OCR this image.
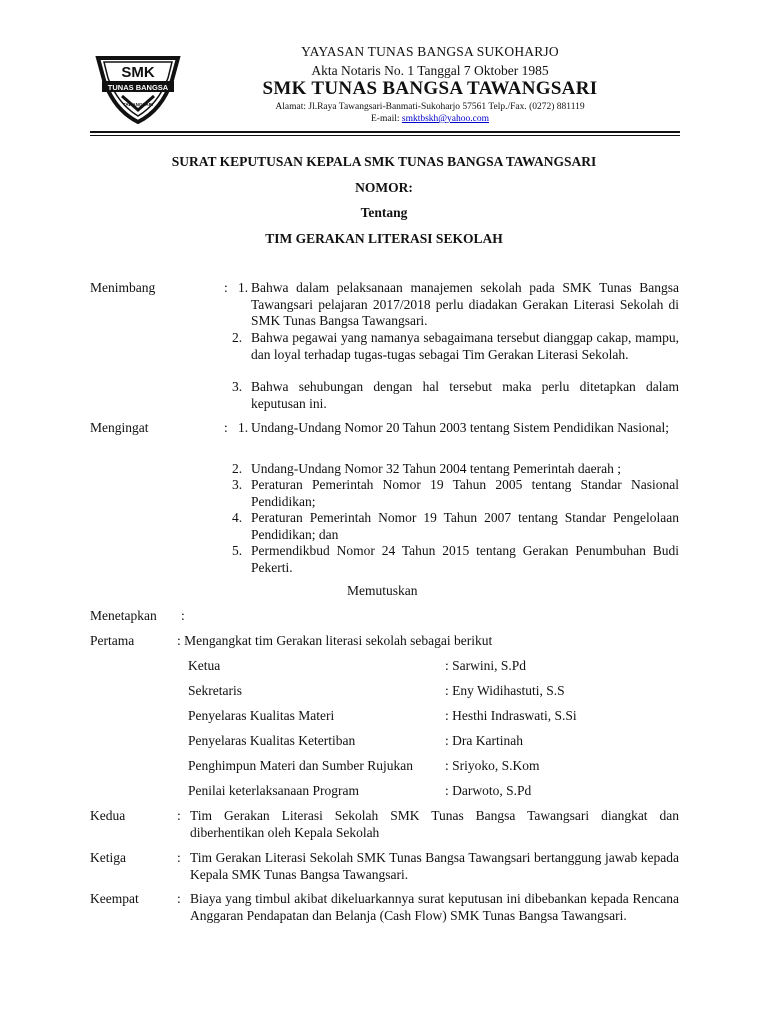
SMK
TUNAS BANGSA
TAWANGSARI
YAYASAN TUNAS BANGSA SUKOHARJO
Akta Notaris No. 1 Tanggal 7 Oktober 1985
SMK TUNAS BANGSA TAWANGSARI
Alamat: Jl.Raya Tawangsari-Banmati-Sukoharjo 57561 Telp./Fax. (0272) 881119
E-mail: smktbskh@yahoo.com
SURAT KEPUTUSAN KEPALA SMK TUNAS BANGSA TAWANGSARI
NOMOR:
Tentang
TIM GERAKAN LITERASI SEKOLAH
Menimbang	: 1. Bahwa dalam pelaksanaan manajemen sekolah pada SMK Tunas Bangsa Tawangsari pelajaran 2017/2018 perlu diadakan Gerakan Literasi Sekolah di SMK Tunas Bangsa Tawangsari.
2. Bahwa pegawai yang namanya sebagaimana tersebut dianggap cakap, mampu, dan loyal terhadap tugas-tugas sebagai Tim Gerakan Literasi Sekolah.
3. Bahwa sehubungan dengan hal tersebut maka perlu ditetapkan dalam keputusan ini.
Mengingat	: 1. Undang-Undang Nomor 20 Tahun 2003 tentang Sistem Pendidikan Nasional;
2. Undang-Undang Nomor 32 Tahun 2004 tentang Pemerintah daerah ;
3. Peraturan Pemerintah Nomor 19 Tahun 2005 tentang Standar Nasional Pendidikan;
4. Peraturan Pemerintah Nomor 19 Tahun 2007 tentang Standar Pengelolaan Pendidikan; dan
5. Permendikbud Nomor 24 Tahun 2015 tentang Gerakan Penumbuhan Budi Pekerti.
Memutuskan
Menetapkan :
Pertama	: Mengangkat tim Gerakan literasi sekolah sebagai berikut
Ketua	: Sarwini, S.Pd
Sekretaris	: Eny Widihastuti, S.S
Penyelaras Kualitas Materi	: Hesthi Indraswati, S.Si
Penyelaras Kualitas Ketertiban	: Dra Kartinah
Penghimpun Materi dan Sumber Rujukan : Sriyoko, S.Kom
Penilai keterlaksanaan Program	: Darwoto, S.Pd
Kedua	: Tim Gerakan Literasi Sekolah SMK Tunas Bangsa Tawangsari diangkat dan diberhentikan oleh Kepala Sekolah
Ketiga	: Tim Gerakan Literasi Sekolah SMK Tunas Bangsa Tawangsari bertanggung jawab kepada Kepala SMK Tunas Bangsa Tawangsari.
Keempat	: Biaya yang timbul akibat dikeluarkannya surat keputusan ini dibebankan kepada Rencana Anggaran Pendapatan dan Belanja (Cash Flow) SMK Tunas Bangsa Tawangsari.
